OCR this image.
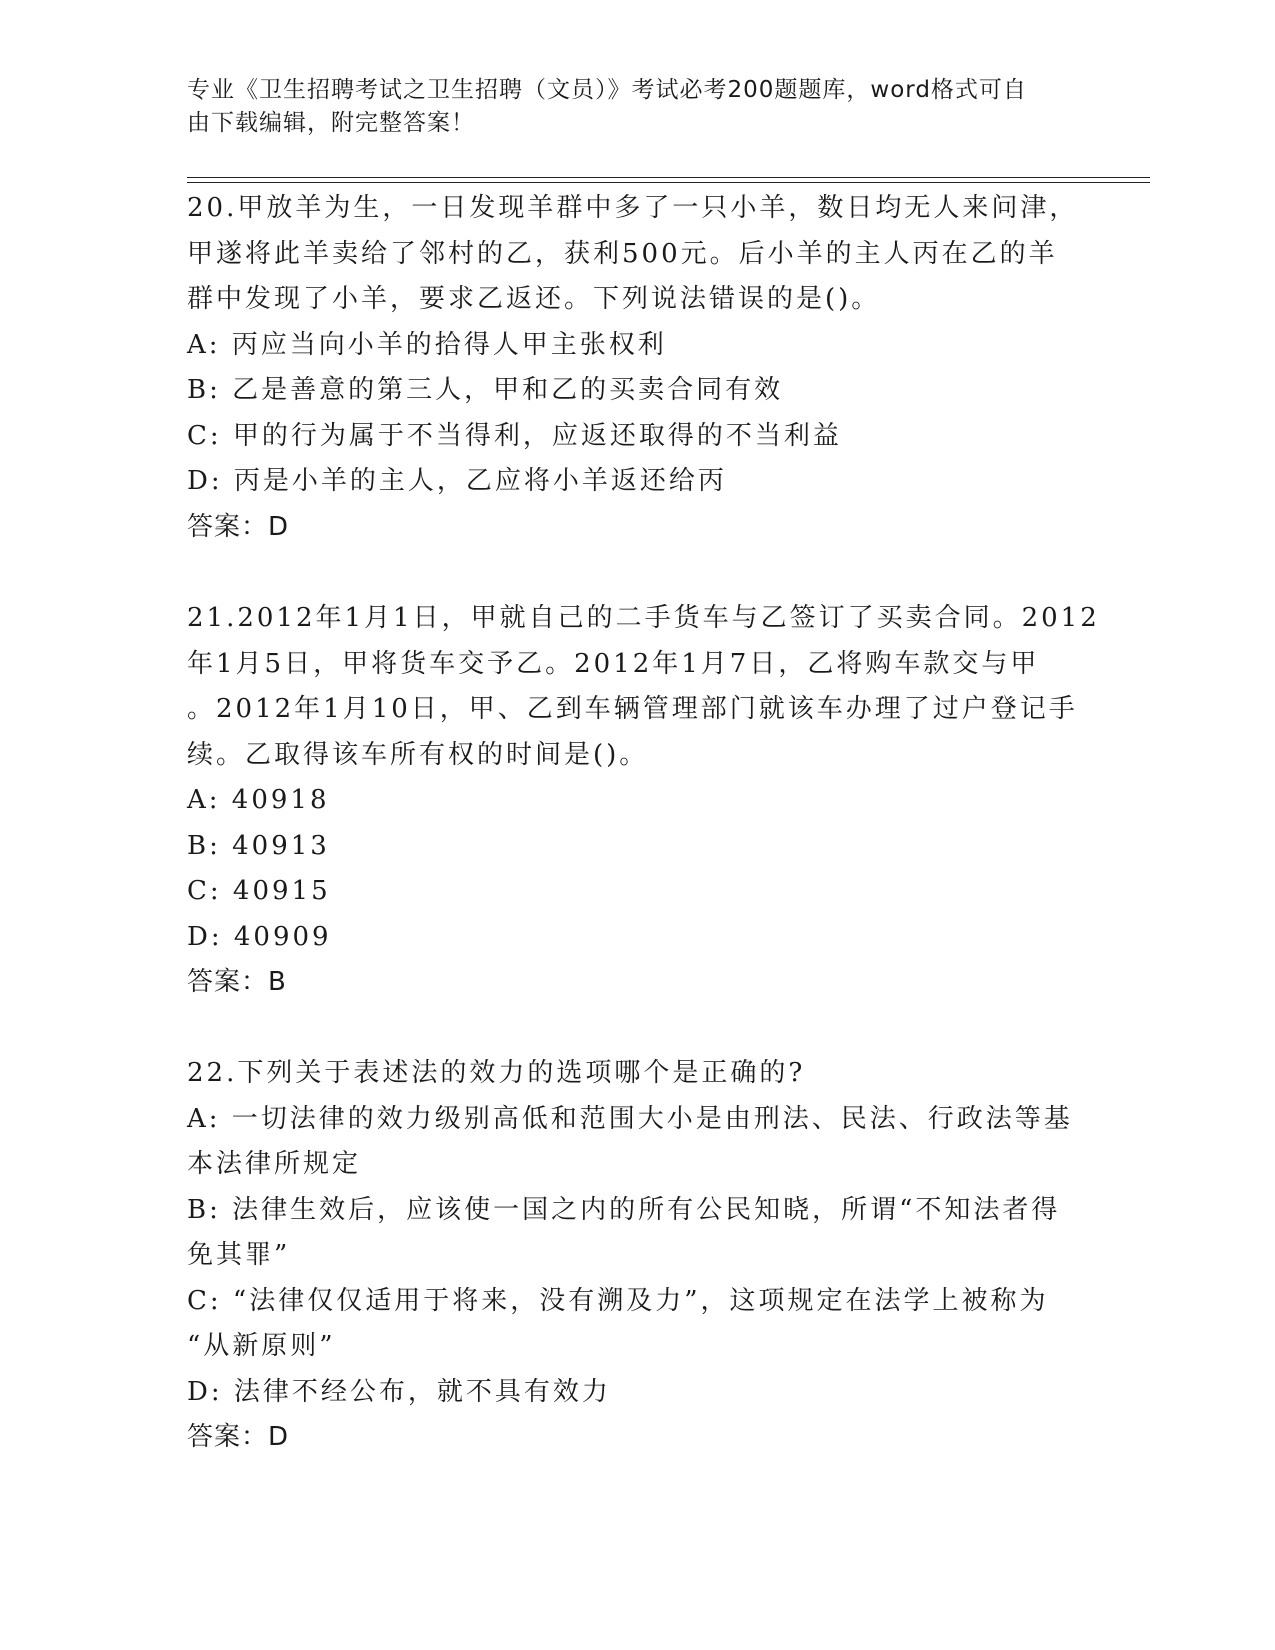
专业《卫生招聘考试之卫生招聘（文员）》考试必考200题题库，word格式可自
由下载编辑，附完整答案！
20.甲放羊为生，一日发现羊群中多了一只小羊，数日均无人来问津，
甲遂将此羊卖给了邻村的乙，获利500元。后小羊的主人丙在乙的羊
群中发现了小羊，要求乙返还。下列说法错误的是()。
A: 丙应当向小羊的拾得人甲主张权利
B: 乙是善意的第三人，甲和乙的买卖合同有效
C: 甲的行为属于不当得利，应返还取得的不当利益
D: 丙是小羊的主人，乙应将小羊返还给丙
答案：D
21.2012年1月1日，甲就自己的二手货车与乙签订了买卖合同。2012
年1月5日，甲将货车交予乙。2012年1月7日，乙将购车款交与甲
。2012年1月10日，甲、乙到车辆管理部门就该车办理了过户登记手
续。乙取得该车所有权的时间是()。
A: 40918
B: 40913
C: 40915
D: 40909
答案：B
22.下列关于表述法的效力的选项哪个是正确的?
A: 一切法律的效力级别高低和范围大小是由刑法、民法、行政法等基
本法律所规定
B: 法律生效后，应该使一国之内的所有公民知晓，所谓“不知法者得
免其罪”
C: “法律仅仅适用于将来，没有溯及力”，这项规定在法学上被称为
“从新原则”
D: 法律不经公布，就不具有效力
答案：D
